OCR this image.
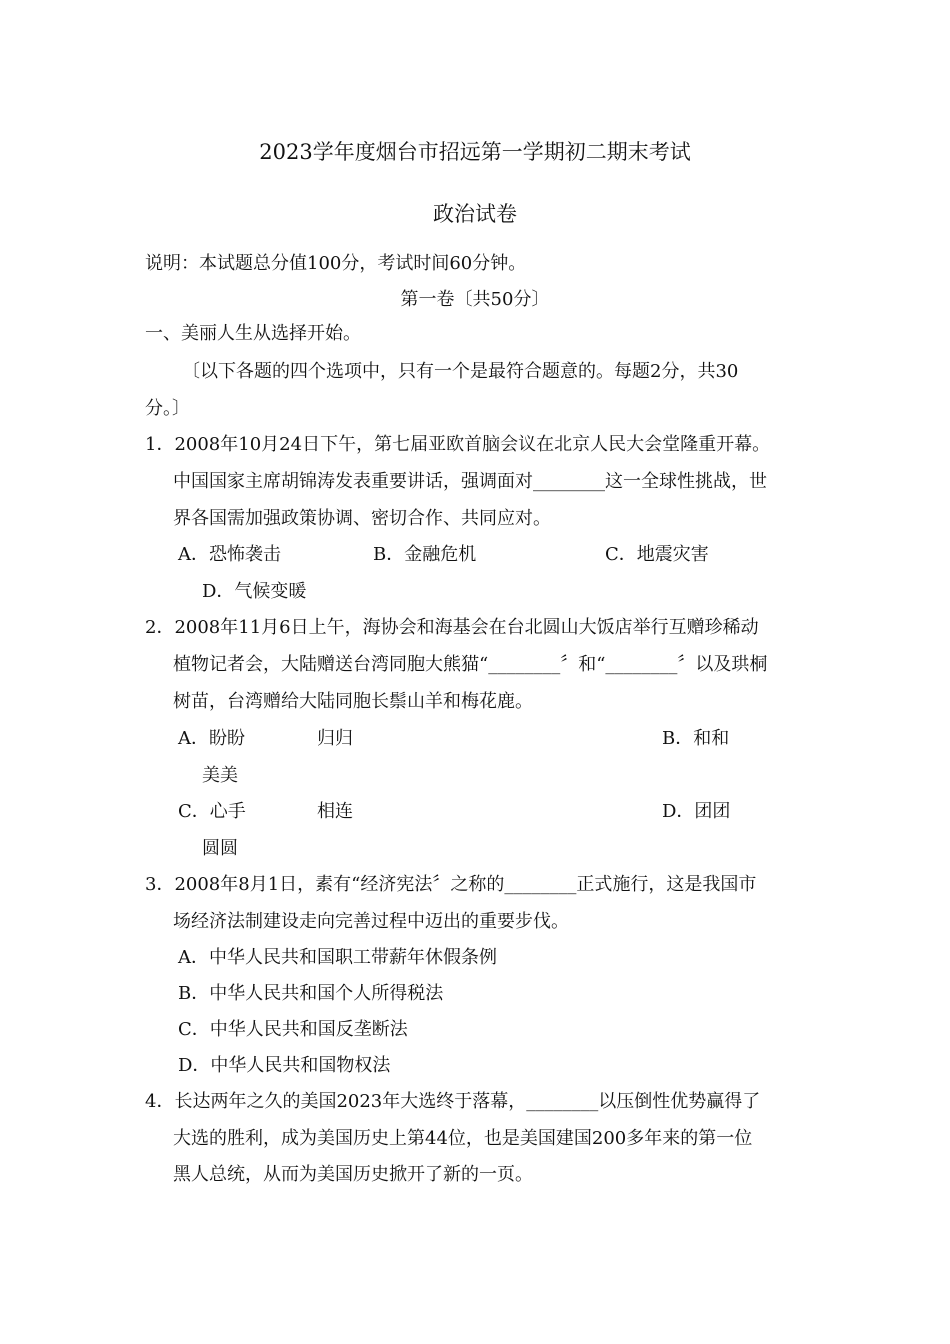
2023学年度烟台市招远第一学期初二期末考试
政治试卷
说明：本试题总分值100分，考试时间60分钟。
第一卷〔共50分〕
一、美丽人生从选择开始。
〔以下各题的四个选项中，只有一个是最符合题意的。每题2分，共30
分。〕
1．2008年10月24日下午，第七届亚欧首脑会议在北京人民大会堂隆重开幕。
中国国家主席胡锦涛发表重要讲话，强调面对________这一全球性挑战，世
界各国需加强政策协调、密切合作、共同应对。
A．恐怖袭击	B．金融危机	C．地震灾害
D．气候变暖
2．2008年11月6日上午，海协会和海基会在台北圆山大饭店举行互赠珍稀动
植物记者会，大陆赠送台湾同胞大熊猫“________〞和“________〞以及珙桐
树苗，台湾赠给大陆同胞长鬃山羊和梅花鹿。
A．盼盼	归归	B．和和
美美
C．心手	相连	D．团团
圆圆
3．2008年8月1日，素有“经济宪法〞之称的________正式施行，这是我国市
场经济法制建设走向完善过程中迈出的重要步伐。
A．中华人民共和国职工带薪年休假条例
B．中华人民共和国个人所得税法
C．中华人民共和国反垄断法
D．中华人民共和国物权法
4．长达两年之久的美国2023年大选终于落幕，________以压倒性优势赢得了
大选的胜利，成为美国历史上第44位，也是美国建国200多年来的第一位
黑人总统，从而为美国历史掀开了新的一页。
